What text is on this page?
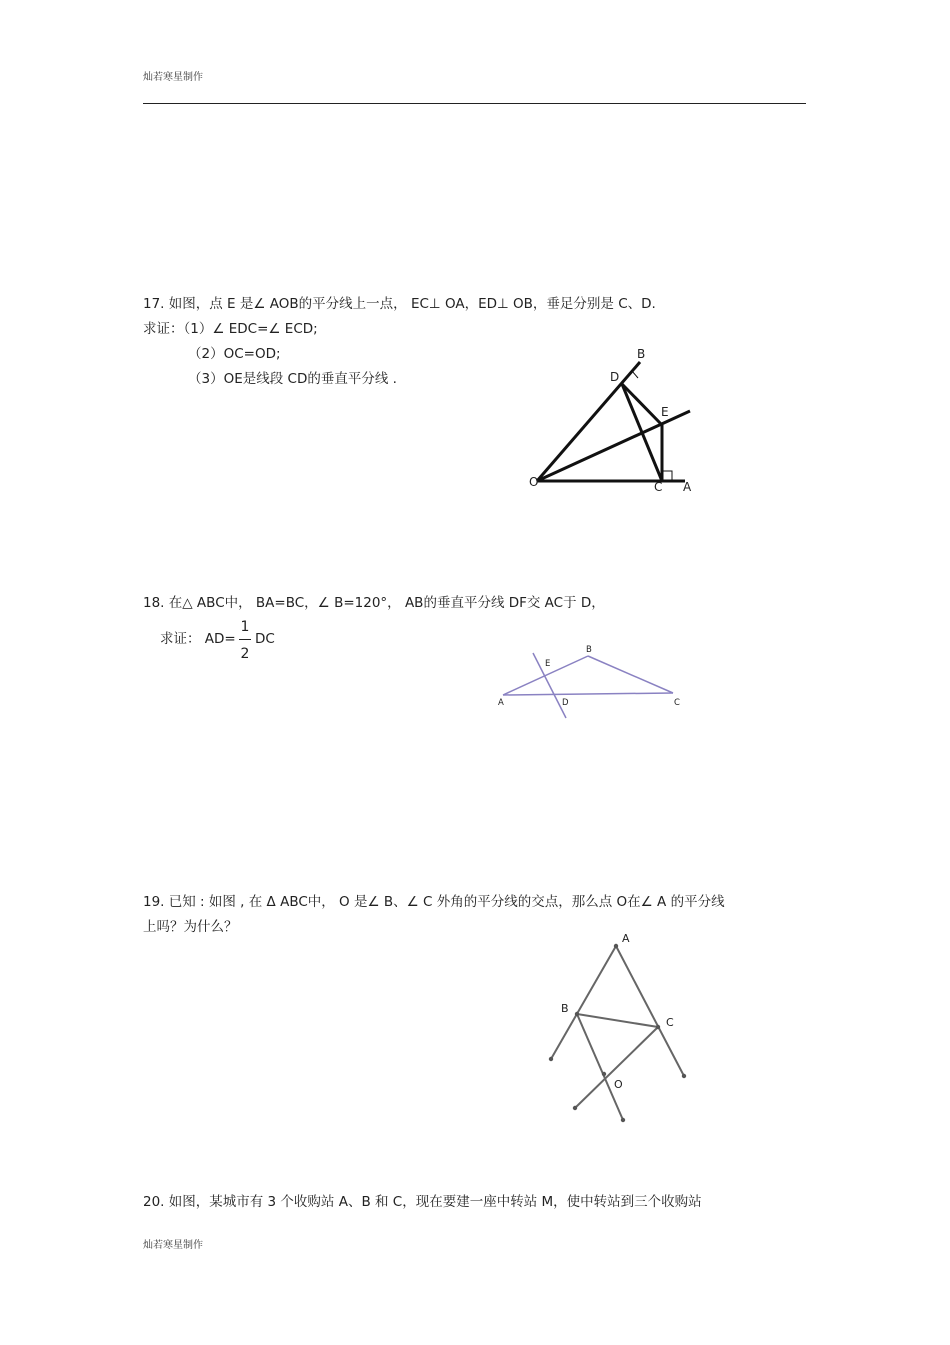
灿若寒星制作
17. 如图，点 E 是∠ AOB的平分线上一点， EC⊥ OA，ED⊥ OB，垂足分别是 C、D.
求证：（1）∠ EDC=∠ ECD;
（2）OC=OD;
（3）OE是线段 CD的垂直平分线 .
B
D
E
O	C A
18. 在△ ABC中， BA=BC，∠ B=120°， AB的垂直平分线 DF交 AC于 D，
求证： AD=
1
2
DC
B
E
A	D	C
19. 已知 : 如图 , 在 Δ ABC中， O 是∠ B、∠ C 外角的平分线的交点，那么点 O在∠ A 的平分线
上吗？为什么？
A
B
C
O
20. 如图，某城市有 3 个收购站 A、B 和 C，现在要建一座中转站 M，使中转站到三个收购站
灿若寒星制作
